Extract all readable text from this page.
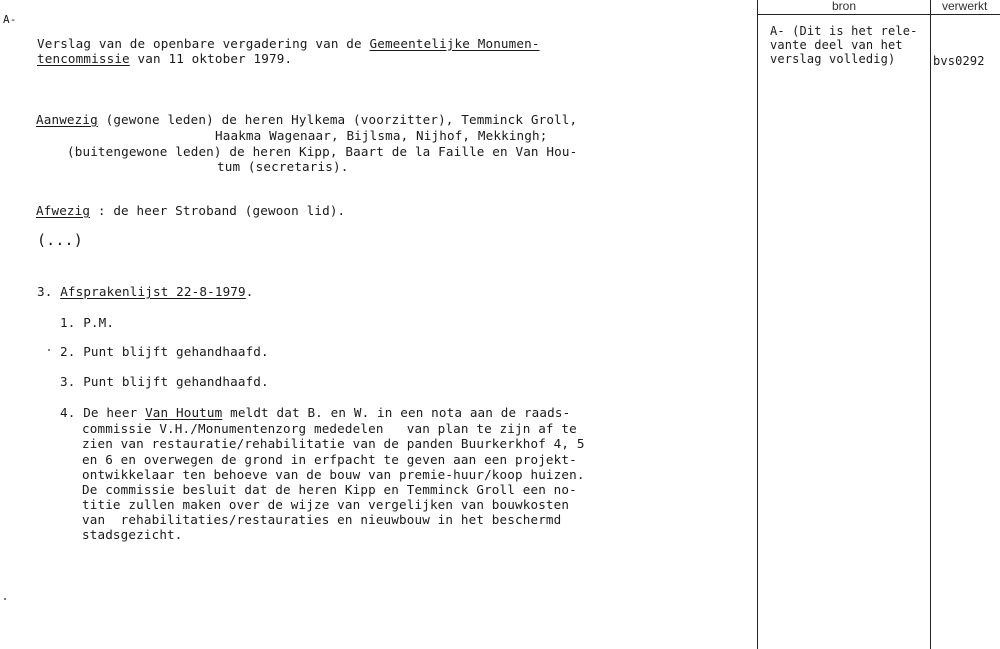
bron	verwerkt
A-
Verslag van de openbare vergadering van de Gemeentelijke Monumen-
tencommissie van 11 oktober 1979.
Aanwezig (gewone leden) de heren Hylkema (voorzitter), Temminck Groll,
Haakma Wagenaar, Bijlsma, Nijhof, Mekkingh;
(buitengewone leden) de heren Kipp, Baart de la Faille en Van Hou-
tum (secretaris).
Afwezig : de heer Stroband (gewoon lid).
(...)
3. Afsprakenlijst 22-8-1979.
1. P.M.
2. Punt blijft gehandhaafd.
3. Punt blijft gehandhaafd.
4. De heer Van Houtum meldt dat B. en W. in een nota aan de raads-
commissie V.H./Monumentenzorg mededelen   van plan te zijn af te
zien van restauratie/rehabilitatie van de panden Buurkerkhof 4, 5
en 6 en overwegen de grond in erfpacht te geven aan een projekt-
ontwikkelaar ten behoeve van de bouw van premie-huur/koop huizen.
De commissie besluit dat de heren Kipp en Temminck Groll een no-
titie zullen maken over de wijze van vergelijken van bouwkosten
van  rehabilitaties/restauraties en nieuwbouw in het beschermd
stadsgezicht.
A- (Dit is het rele-
vante deel van het
verslag volledig)	bvs0292
